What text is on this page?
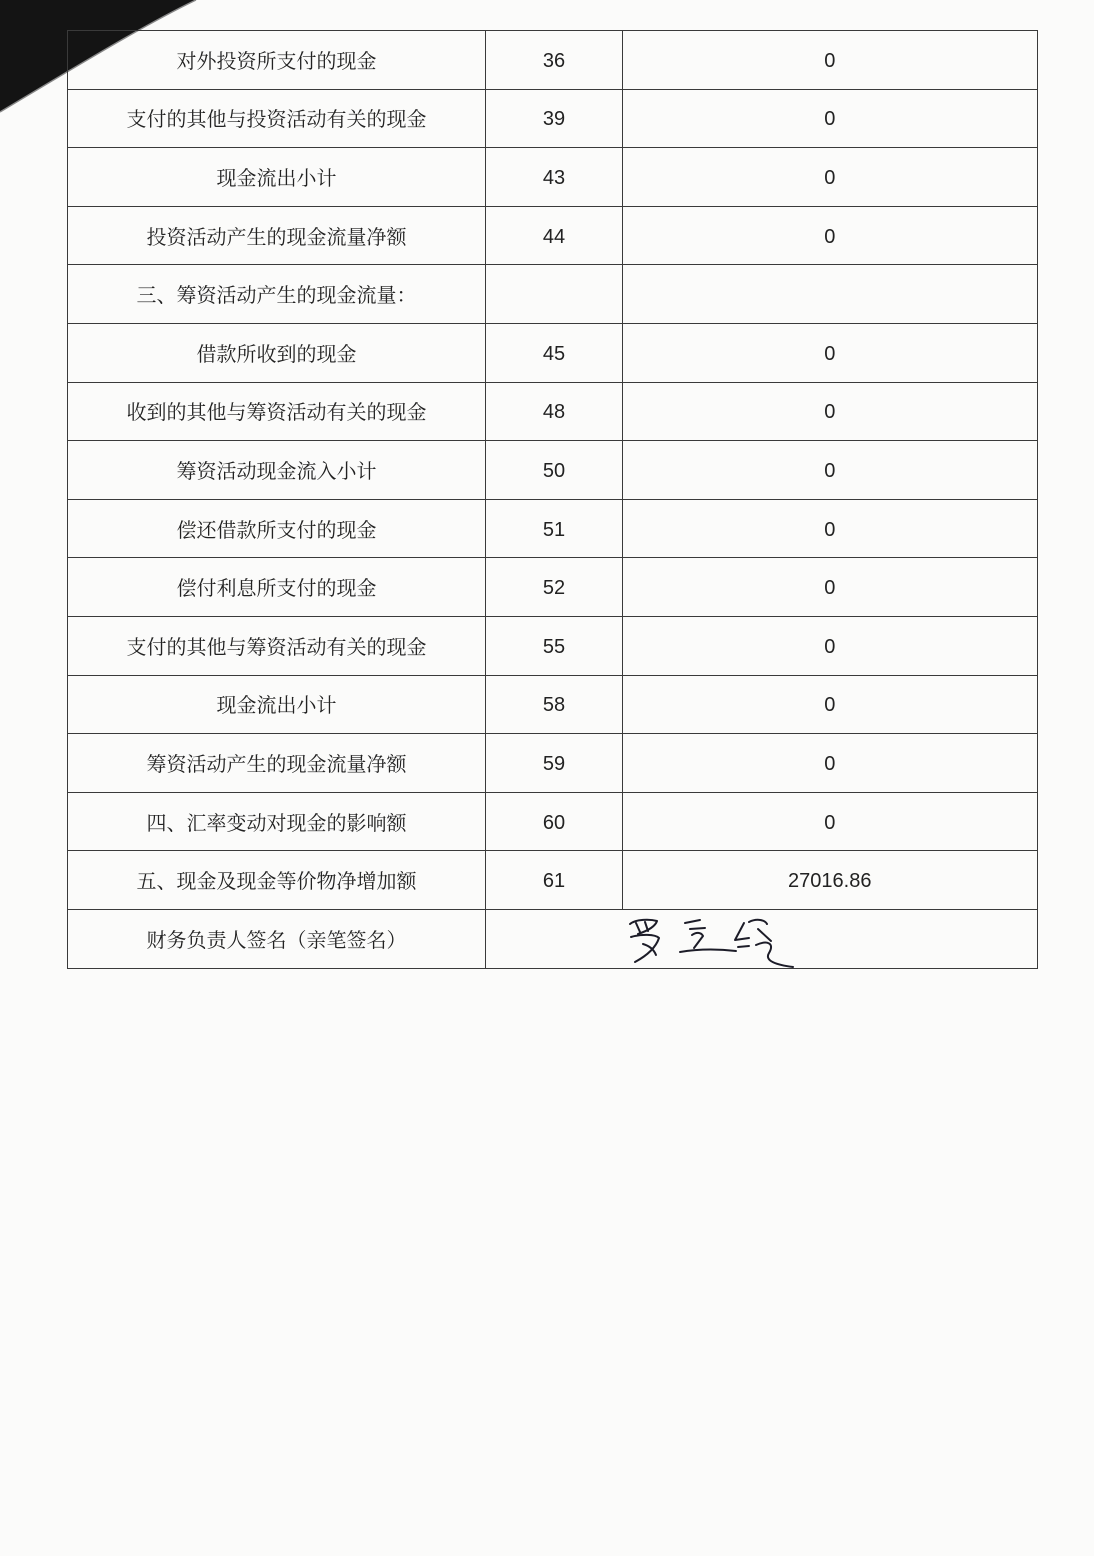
对外投资所支付的现金	36	0
支付的其他与投资活动有关的现金	39	0
现金流出小计	43	0
投资活动产生的现金流量净额	44	0
三、筹资活动产生的现金流量：
借款所收到的现金	45	0
收到的其他与筹资活动有关的现金	48	0
筹资活动现金流入小计	50	0
偿还借款所支付的现金	51	0
偿付利息所支付的现金	52	0
支付的其他与筹资活动有关的现金	55	0
现金流出小计	58	0
筹资活动产生的现金流量净额	59	0
四、汇率变动对现金的影响额	60	0
五、现金及现金等价物净增加额	61	27016.86
财务负责人签名（亲笔签名）
